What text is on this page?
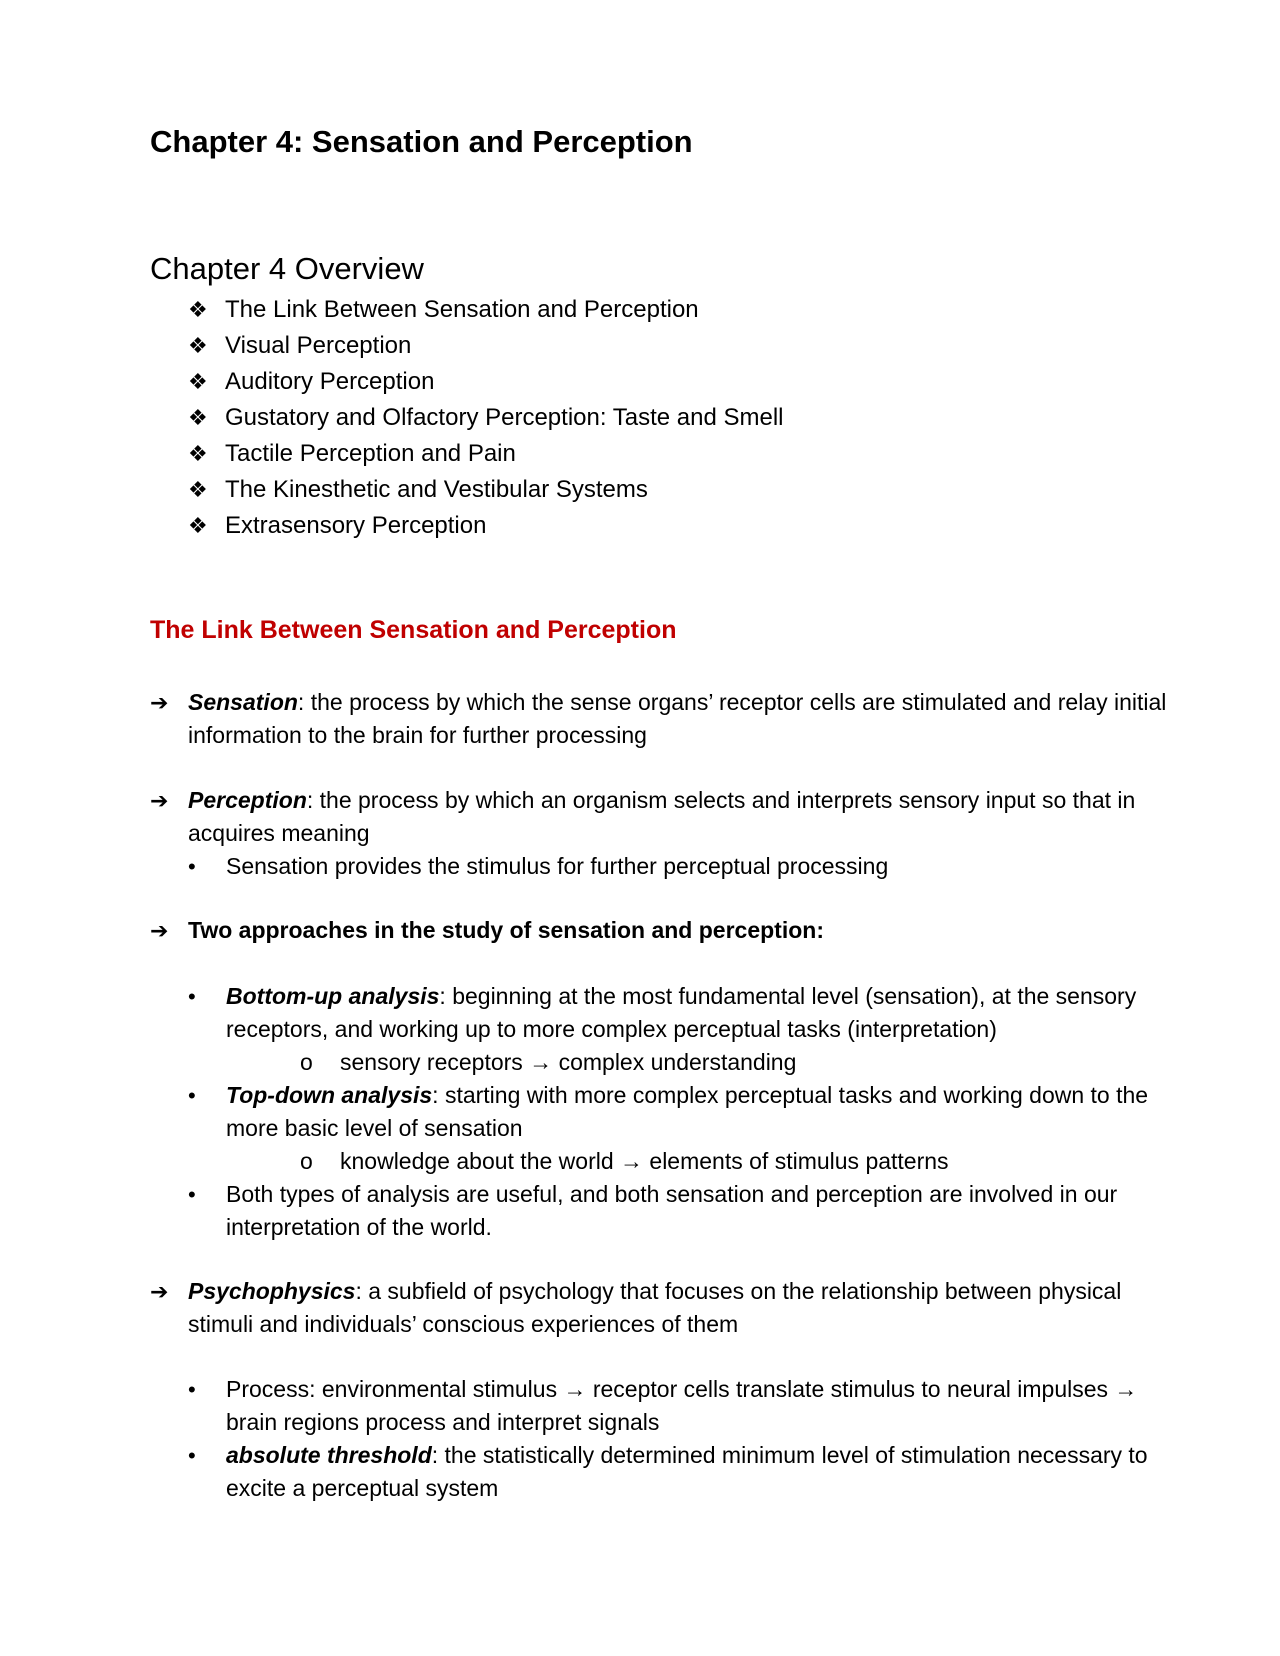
Chapter 4: Sensation and Perception
Chapter 4 Overview
❖ The Link Between Sensation and Perception
❖ Visual Perception
❖ Auditory Perception
❖ Gustatory and Olfactory Perception: Taste and Smell
❖ Tactile Perception and Pain
❖ The Kinesthetic and Vestibular Systems
❖ Extrasensory Perception
The Link Between Sensation and Perception
➔ Sensation: the process by which the sense organs’ receptor cells are stimulated and relay initial information to the brain for further processing
➔ Perception: the process by which an organism selects and interprets sensory input so that in acquires meaning
• Sensation provides the stimulus for further perceptual processing
➔ Two approaches in the study of sensation and perception:
• Bottom-up analysis: beginning at the most fundamental level (sensation), at the sensory receptors, and working up to more complex perceptual tasks (interpretation)
o sensory receptors → complex understanding
• Top-down analysis: starting with more complex perceptual tasks and working down to the more basic level of sensation
o knowledge about the world → elements of stimulus patterns
• Both types of analysis are useful, and both sensation and perception are involved in our interpretation of the world.
➔ Psychophysics: a subfield of psychology that focuses on the relationship between physical stimuli and individuals’ conscious experiences of them
• Process: environmental stimulus → receptor cells translate stimulus to neural impulses → brain regions process and interpret signals
• absolute threshold: the statistically determined minimum level of stimulation necessary to excite a perceptual system
